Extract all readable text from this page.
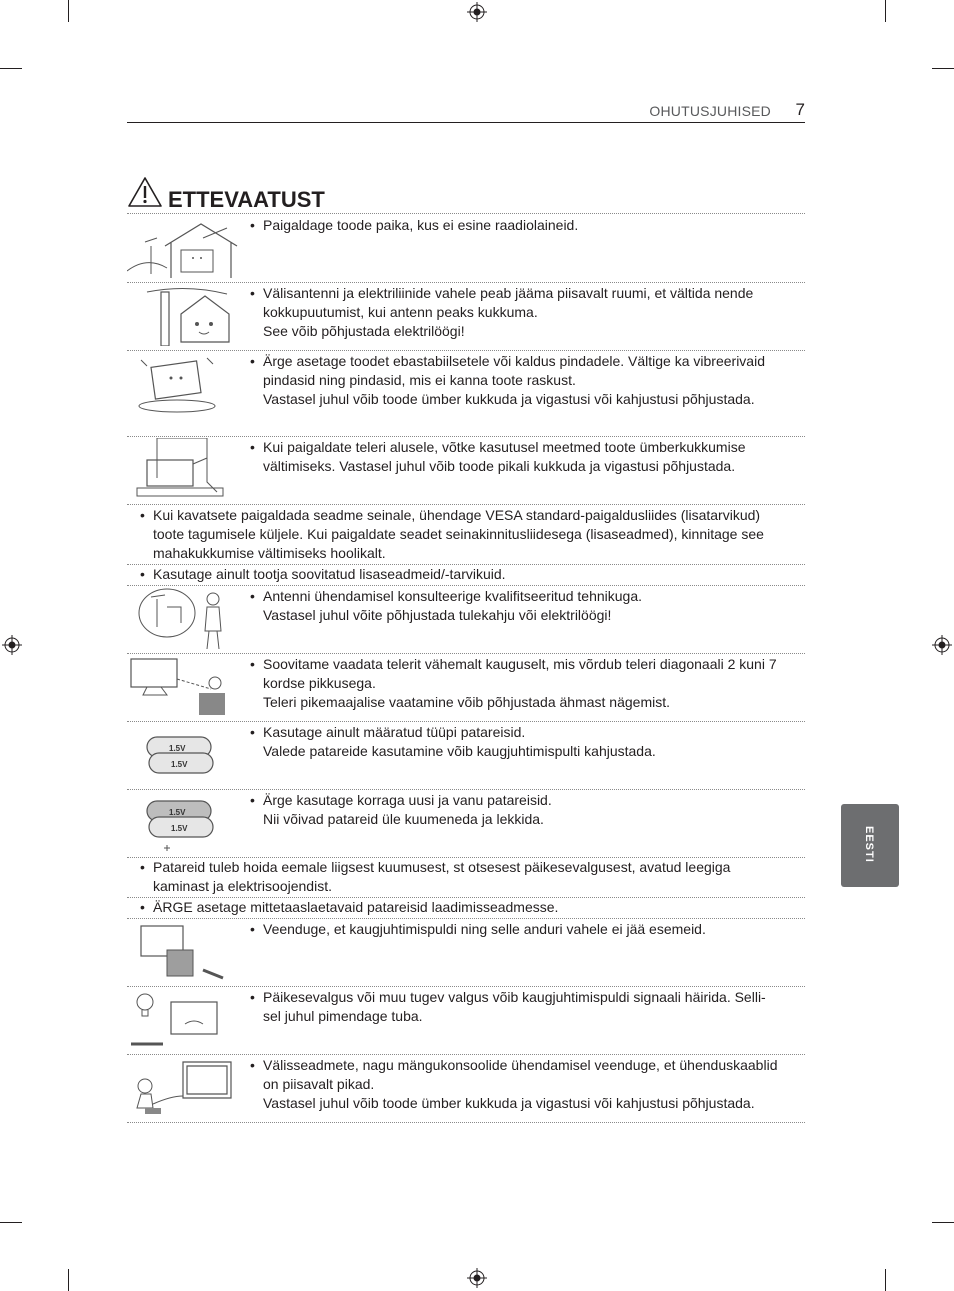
OHUTUSJUHISED 7
ETTEVAATUST
• Paigaldage toode paika, kus ei esine raadiolaineid.

• Välisantenni ja elektriliinide vahele peab jääma piisavalt ruumi, et vältida nende

kokkupuutumist, kui antenn peaks kukkuma.

See võib põhjustada elektrilöögi!

• Ärge asetage toodet ebastabiilsetele või kaldus pindadele. Vältige ka vibreerivaid

pindasid ning pindasid, mis ei kanna toote raskust.

Vastasel juhul võib toode ümber kukkuda ja vigastusi või kahjustusi põhjustada.

• Kui paigaldate teleri alusele, võtke kasutusel meetmed toote ümberkukkumise

vältimiseks. Vastasel juhul võib toode pikali kukkuda ja vigastusi põhjustada.

• Kui kavatsete paigaldada seadme seinale, ühendage VESA standard-paigaldusliides (lisatarvikud)

toote tagumisele küljele. Kui paigaldate seadet seinakinnitusliidesega (lisaseadmed), kinnitage see

mahakukkumise vältimiseks hoolikalt.

• Kasutage ainult tootja soovitatud lisaseadmeid/-tarvikuid.

• Antenni ühendamisel konsulteerige kvalifitseeritud tehnikuga.

Vastasel juhul võite põhjustada tulekahju või elektrilöögi!

• Soovitame vaadata telerit vähemalt kauguselt, mis võrdub teleri diagonaali 2 kuni 7

kordse pikkusega.

Teleri pikemaajalise vaatamine võib põhjustada ähmast nägemist.

1.5V
1.5V
• Kasutage ainult määratud tüüpi patareisid.

Valede patareide kasutamine võib kaugjuhtimispulti kahjustada.

1.5V
1.5V
• Ärge kasutage korraga uusi ja vanu patareisid.

Nii võivad patareid üle kuumeneda ja lekkida.

• Patareid tuleb hoida eemale liigsest kuumusest, st otsesest päikesevalgusest, avatud leegiga

kaminast ja elektrisoojendist.

• ÄRGE asetage mittetaaslaetavaid patareisid laadimisseadmesse.

• Veenduge, et kaugjuhtimispuldi ning selle anduri vahele ei jää esemeid.

• Päikesevalgus või muu tugev valgus võib kaugjuhtimispuldi signaali häirida. Selli-

sel juhul pimendage tuba.

• Välisseadmete, nagu mängukonsoolide ühendamisel veenduge, et ühenduskaablid

on piisavalt pikad.

Vastasel juhul võib toode ümber kukkuda ja vigastusi või kahjustusi põhjustada.

EESTI
